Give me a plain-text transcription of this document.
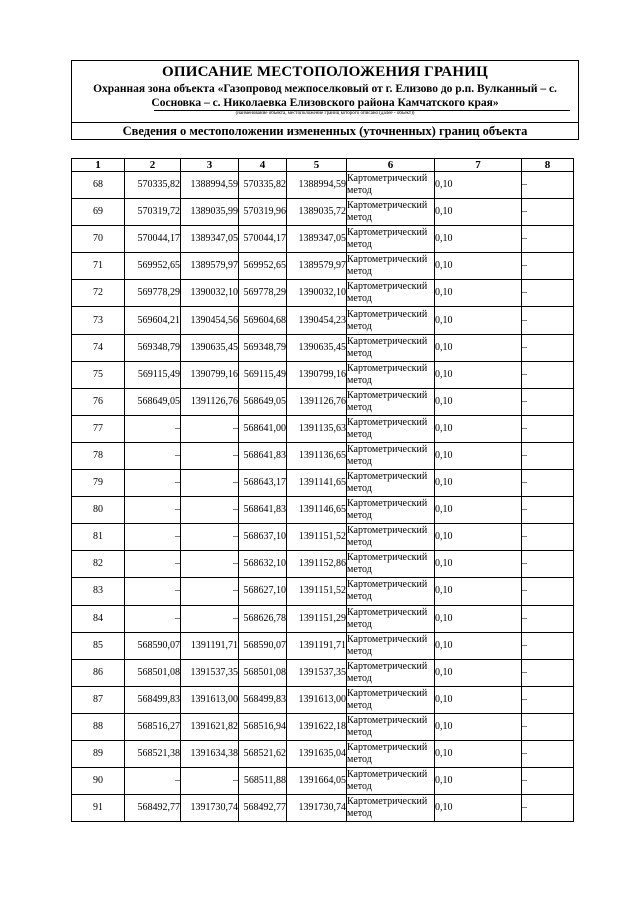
ОПИСАНИЕ МЕСТОПОЛОЖЕНИЯ ГРАНИЦ
Охранная зона объекта «Газопровод межпоселковый от г. Елизово до р.п. Вулканный – с.
Сосновка – с. Николаевка Елизовского района Камчатского края»
(наименование объекта, местоположение границ которого описано (далее - объект))
Сведения о местоположении измененных (уточненных) границ объекта
1	2	3	4	5	6	7	8
68	570335,82	1388994,59	570335,82	1388994,59	Картометрический метод	0,10	–
69	570319,72	1389035,99	570319,96	1389035,72	Картометрический метод	0,10	–
70	570044,17	1389347,05	570044,17	1389347,05	Картометрический метод	0,10	–
71	569952,65	1389579,97	569952,65	1389579,97	Картометрический метод	0,10	–
72	569778,29	1390032,10	569778,29	1390032,10	Картометрический метод	0,10	–
73	569604,21	1390454,56	569604,68	1390454,23	Картометрический метод	0,10	–
74	569348,79	1390635,45	569348,79	1390635,45	Картометрический метод	0,10	–
75	569115,49	1390799,16	569115,49	1390799,16	Картометрический метод	0,10	–
76	568649,05	1391126,76	568649,05	1391126,76	Картометрический метод	0,10	–
77	–	–	568641,00	1391135,63	Картометрический метод	0,10	–
78	–	–	568641,83	1391136,65	Картометрический метод	0,10	–
79	–	–	568643,17	1391141,65	Картометрический метод	0,10	–
80	–	–	568641,83	1391146,65	Картометрический метод	0,10	–
81	–	–	568637,10	1391151,52	Картометрический метод	0,10	–
82	–	–	568632,10	1391152,86	Картометрический метод	0,10	–
83	–	–	568627,10	1391151,52	Картометрический метод	0,10	–
84	–	–	568626,78	1391151,29	Картометрический метод	0,10	–
85	568590,07	1391191,71	568590,07	1391191,71	Картометрический метод	0,10	–
86	568501,08	1391537,35	568501,08	1391537,35	Картометрический метод	0,10	–
87	568499,83	1391613,00	568499,83	1391613,00	Картометрический метод	0,10	–
88	568516,27	1391621,82	568516,94	1391622,18	Картометрический метод	0,10	–
89	568521,38	1391634,38	568521,62	1391635,04	Картометрический метод	0,10	–
90	–	–	568511,88	1391664,05	Картометрический метод	0,10	–
91	568492,77	1391730,74	568492,77	1391730,74	Картометрический метод	0,10	–
